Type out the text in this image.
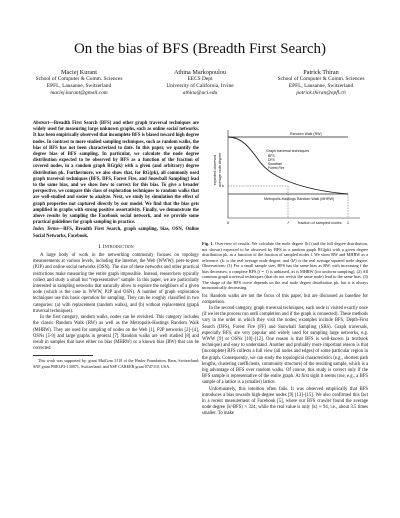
On the bias of BFS (Breadth First Search)
Maciej Kurant
School of Computer & Comm. Sciences
EPFL, Lausanne, Switzerland
maciej.kurant@gmail.com
Athina Markopoulou
EECS Dept
University of California, Irvine
athina@uci.edu
Patrick Thiran
School of Computer & Comm. Sciences
EPFL, Lausanne, Switzerland
patrick.thiran@epfl.ch

Abstract—Breadth First Search (BFS) and other graph traversal techniques are widely used for measuring large unknown graphs, such as online social networks. It has been empirically observed that incomplete BFS is biased toward high degree nodes. In contrast to more studied sampling techniques, such as random walks, the bias of BFS has not been characterized to date. In this paper, we quantify the degree bias of BFS sampling. In particular, we calculate the node degree distribution expected to be observed by BFS as a function of the fraction of covered nodes, in a random graph RG(pk) with a given (and arbitrary) degree distribution pk. Furthermore, we also show that, for RG(pk), all commonly used graph traversal techniques (BFS, DFS, Forest Fire, and Snowball Sampling) lead to the same bias, and we show how to correct for this bias. To give a broader perspective, we compare this class of exploration techniques to random walks that are well-studied and easier to analyze. Next, we study by simulation the effect of graph properties not captured directly by our model. We find that the bias gets amplified in graphs with strong positive assortativity. Finally, we demonstrate the above results by sampling the Facebook social network, and we provide some practical guidelines for graph sampling in practice.

Index Terms—BFS, Breadth First Search, graph sampling, bias, OSN, Online Social Networks, Facebook.

I. Introduction

A large body of work in the networking community focuses on topology measurements at various levels, including the Internet, the Web (WWW), peer-to-peer (P2P) and online social networks (OSN). The size of these networks and other practical restrictions make measuring the entire graph impossible. Instead, researchers typically collect and study a small but “representative” sample. In this paper, we are particularly interested in sampling networks that naturally allow to explore the neighbors of a given node (which is the case in WWW, P2P and OSN). A number of graph exploration techniques use this basic operation for sampling. They can be roughly classified in two categories: (a) with replacement (random walks), and (b) without replacement (graph traversal techniques).

In the first category, random walks, nodes can be revisited. This category includes the classic Random Walk (RW) as well as the Metropolis-Hastings Random Walk (MHRW). They are used for sampling of nodes on the Web [1], P2P networks [2]–[4], OSNs [5-9] and large graphs in general [7]. Random walks are well studied [8] and result in samples that have either no bias (MHRW) or a known bias (RW) that can be corrected

This work was supported by: grant MaiCom 2110 of the Hasler Foundation, Bern, Switzerland; SNF grant PBELP2-130871, Switzerland; and NSF CAREER grant 0747110, USA.

Random Walk (RW)
Graph traversal techniques
BFS
DFS
Snowball
Forest Fire
Metropolis-Hastings Random Walk (MHRW)
k
0	f	1
fraction of sampled nodes
expected observed average node degree

Fig. 1. Overview of results. We calculate the node degree ⟨k⟩ (and the full degree distribution, not shown) expected to be observed by BFS in a random graph RG(pk) with a given degree distribution pk, as a function of the fraction of sampled nodes f. We show RW and MHRW as a reference. (k: is the real average node degree, and ⟨k²⟩ is the real average squared node degree. Observations: (1) For a small sample size, BFS has the same bias as RW, with increasing f the bias decreases; a complete BFS (f = 1) is unbiased, as is MHRW (for uniform sampling). (2) All common graph traversal techniques (that do not revisit the same node) lead to the same bias. (3) The shape of the BFS curve depends on the real node degree distribution pk, but it is always monotonically decreasing.

for. Random walks are not the focus of this paper, but are discussed as baseline for comparison.

In the second category, graph traversal techniques, each node is visited exactly once (if we let the process run until completion and if the graph is connected). These methods vary in the order in which they visit the nodes; examples include BFS, Depth-First Search (DFS), Forest Fire (FF) and Snowball Sampling (SBS). Graph traversals, especially BFS, are very popular and widely used for sampling large networks, e.g. WWW [9] or OSNs [10]–[12]. One reason is that BFS is well-known (a textbook technique) and easy to understand. Another and probably more important reason is that (incomplete) BFS collects a full view (all nodes and edges) of some particular region in the graph. Consequently, we can study the topological characteristics (e.g., shortest path lengths, clustering coefficients, community structure) of the resulting sample, which is a big advantage of BFS over random walks. Of course, this study is correct only if the BFS sample is representative of the entire graph. At first sight it seems true, e.g., a BFS sample of a lattice is a (smaller) lattice.

Unfortunately, this intuition often fails. It was observed empirically that BFS introduces a bias towards high-degree nodes [9] [13]–[15]. We also confirmed this fact in a recent measurement of Facebook [5], where our BFS crawler found the average node degree ⟨k^BFS⟩ ≈ 324, while the real value is only ⟨k⟩ ≈ 94, i.e., about 3.5 times smaller. To make
